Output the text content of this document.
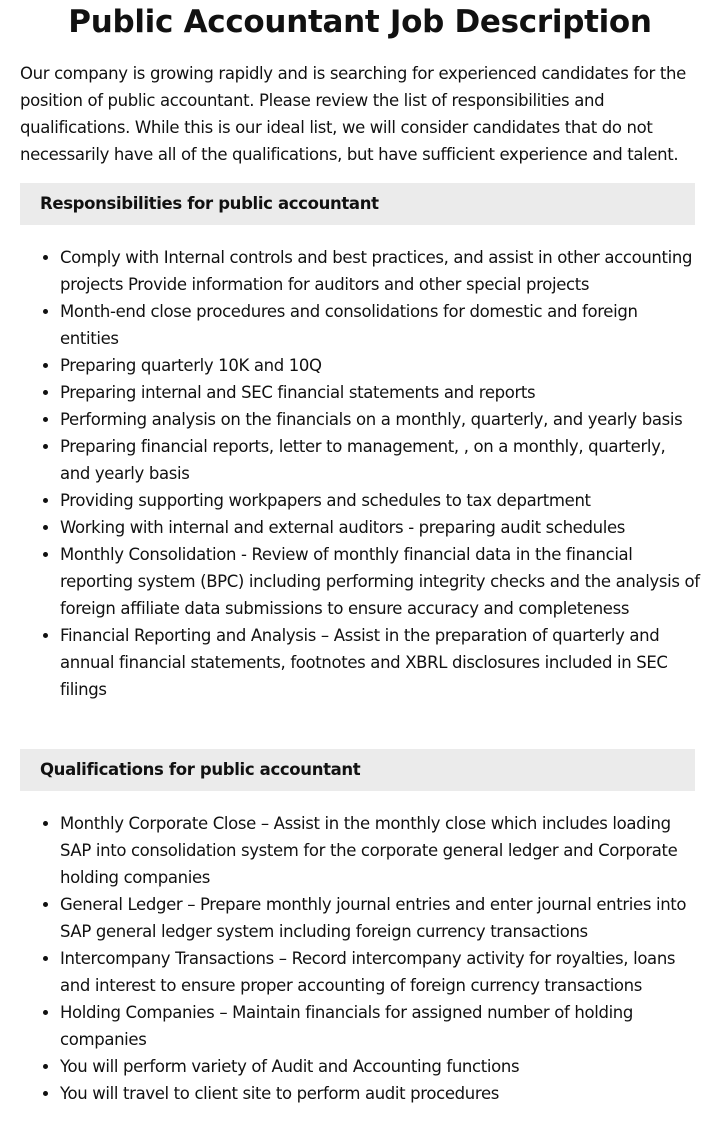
Public Accountant Job Description

Our company is growing rapidly and is searching for experienced candidates for the position of public accountant. Please review the list of responsibilities and qualifications. While this is our ideal list, we will consider candidates that do not necessarily have all of the qualifications, but have sufficient experience and talent.

Responsibilities for public accountant
• Comply with Internal controls and best practices, and assist in other accounting projects Provide information for auditors and other special projects
• Month-end close procedures and consolidations for domestic and foreign entities
• Preparing quarterly 10K and 10Q
• Preparing internal and SEC financial statements and reports
• Performing analysis on the financials on a monthly, quarterly, and yearly basis
• Preparing financial reports, letter to management, , on a monthly, quarterly, and yearly basis
• Providing supporting workpapers and schedules to tax department
• Working with internal and external auditors - preparing audit schedules
• Monthly Consolidation - Review of monthly financial data in the financial reporting system (BPC) including performing integrity checks and the analysis of foreign affiliate data submissions to ensure accuracy and completeness
• Financial Reporting and Analysis – Assist in the preparation of quarterly and annual financial statements, footnotes and XBRL disclosures included in SEC filings
Qualifications for public accountant
• Monthly Corporate Close – Assist in the monthly close which includes loading SAP into consolidation system for the corporate general ledger and Corporate holding companies
• General Ledger – Prepare monthly journal entries and enter journal entries into SAP general ledger system including foreign currency transactions
• Intercompany Transactions – Record intercompany activity for royalties, loans and interest to ensure proper accounting of foreign currency transactions
• Holding Companies – Maintain financials for assigned number of holding companies
• You will perform variety of Audit and Accounting functions
• You will travel to client site to perform audit procedures
